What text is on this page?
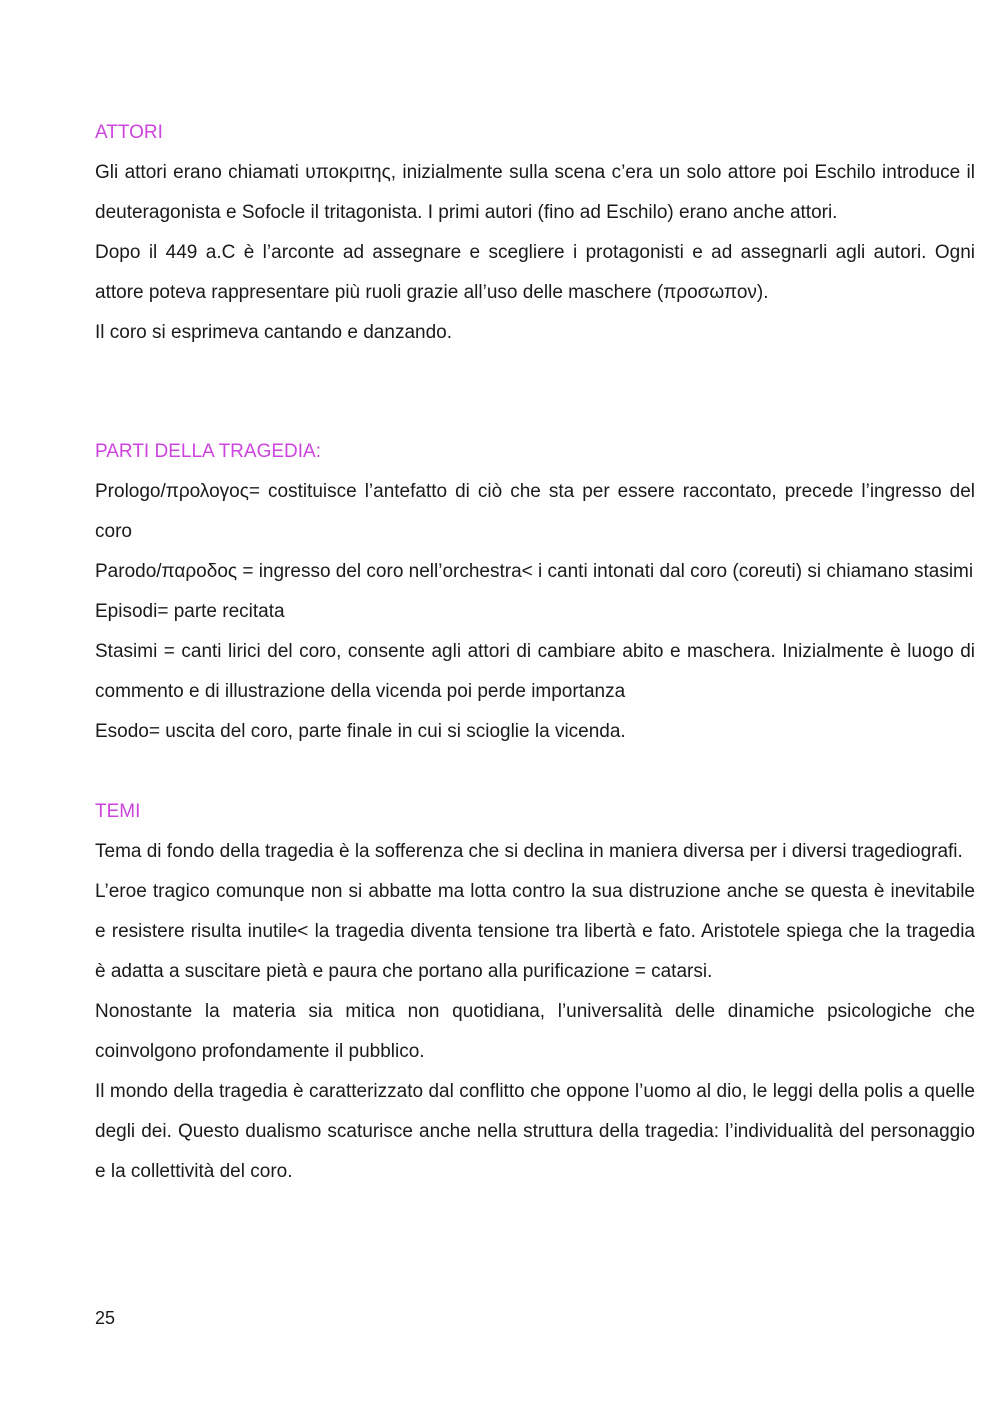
ATTORI

Gli attori erano chiamati υποκριτης, inizialmente sulla scena c’era un solo attore poi Eschilo introduce il deuteragonista e Sofocle il tritagonista. I primi autori (fino ad Eschilo) erano anche attori.

Dopo il 449 a.C è l’arconte ad assegnare e scegliere i protagonisti e ad assegnarli agli autori. Ogni attore poteva rappresentare più ruoli grazie all’uso delle maschere (προσωπον).

Il coro si esprimeva cantando e danzando.

PARTI DELLA TRAGEDIA:

Prologo/προλογος= costituisce l’antefatto di ciò che sta per essere raccontato, precede l’ingresso del coro

Parodo/παροδος = ingresso del coro nell’orchestra< i canti intonati dal coro (coreuti) si chiamano stasimi

Episodi= parte recitata

Stasimi = canti lirici del coro, consente agli attori di cambiare abito e maschera. Inizialmente è luogo di commento e di illustrazione della vicenda poi perde importanza

Esodo= uscita del coro, parte finale in cui si scioglie la vicenda.

TEMI

Tema di fondo della tragedia è la sofferenza che si declina in maniera diversa per i diversi tragediografi.

L’eroe tragico comunque non si abbatte ma lotta contro la sua distruzione anche se questa è inevitabile e resistere risulta inutile< la tragedia diventa tensione tra libertà e fato. Aristotele spiega che la tragedia è adatta a suscitare pietà e paura che portano alla purificazione = catarsi.

Nonostante la materia sia mitica non quotidiana, l’universalità delle dinamiche psicologiche che coinvolgono profondamente il pubblico.

Il mondo della tragedia è caratterizzato dal conflitto che oppone l’uomo al dio, le leggi della polis a quelle degli dei. Questo dualismo scaturisce anche nella struttura della tragedia: l’individualità del personaggio e la collettività del coro.

25
